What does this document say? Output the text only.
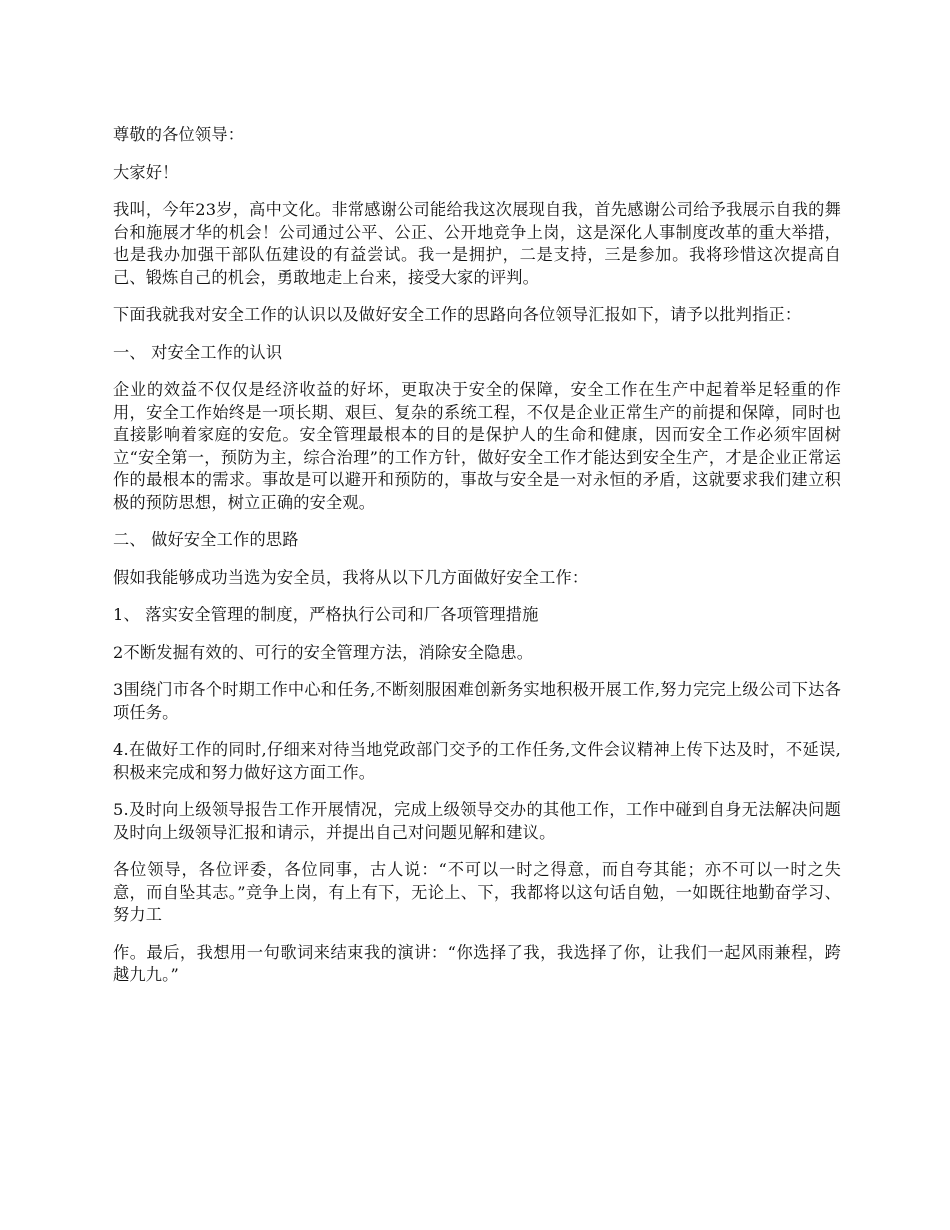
尊敬的各位领导：

大家好！

我叫，今年23岁，高中文化。非常感谢公司能给我这次展现自我，首先感谢公司给予我展示自我的舞台和施展才华的机会！公司通过公平、公正、公开地竞争上岗，这是深化人事制度改革的重大举措，也是我办加强干部队伍建设的有益尝试。我一是拥护，二是支持，三是参加。我将珍惜这次提高自己、锻炼自己的机会，勇敢地走上台来，接受大家的评判。

下面我就我对安全工作的认识以及做好安全工作的思路向各位领导汇报如下，请予以批判指正：

一、 对安全工作的认识

企业的效益不仅仅是经济收益的好坏，更取决于安全的保障，安全工作在生产中起着举足轻重的作用，安全工作始终是一项长期、艰巨、复杂的系统工程，不仅是企业正常生产的前提和保障，同时也直接影响着家庭的安危。安全管理最根本的目的是保护人的生命和健康，因而安全工作必须牢固树立“安全第一，预防为主，综合治理”的工作方针，做好安全工作才能达到安全生产，才是企业正常运作的最根本的需求。事故是可以避开和预防的，事故与安全是一对永恒的矛盾，这就要求我们建立积极的预防思想，树立正确的安全观。

二、 做好安全工作的思路

假如我能够成功当选为安全员，我将从以下几方面做好安全工作：

1、 落实安全管理的制度，严格执行公司和厂各项管理措施

2不断发掘有效的、可行的安全管理方法，消除安全隐患。

3围绕门市各个时期工作中心和任务,不断刻服困难创新务实地积极开展工作,努力完完上级公司下达各项任务。

4.在做好工作的同时,仔细来对待当地党政部门交予的工作任务,文件会议精神上传下达及时，不延误,积极来完成和努力做好这方面工作。

5.及时向上级领导报告工作开展情况，完成上级领导交办的其他工作，工作中碰到自身无法解决问题及时向上级领导汇报和请示，并提出自己对问题见解和建议。

各位领导，各位评委，各位同事，古人说：“不可以一时之得意，而自夸其能；亦不可以一时之失意，而自坠其志。”竞争上岗，有上有下，无论上、下，我都将以这句话自勉，一如既往地勤奋学习、努力工

作。最后，我想用一句歌词来结束我的演讲：“你选择了我，我选择了你，让我们一起风雨兼程，跨越九九。”
